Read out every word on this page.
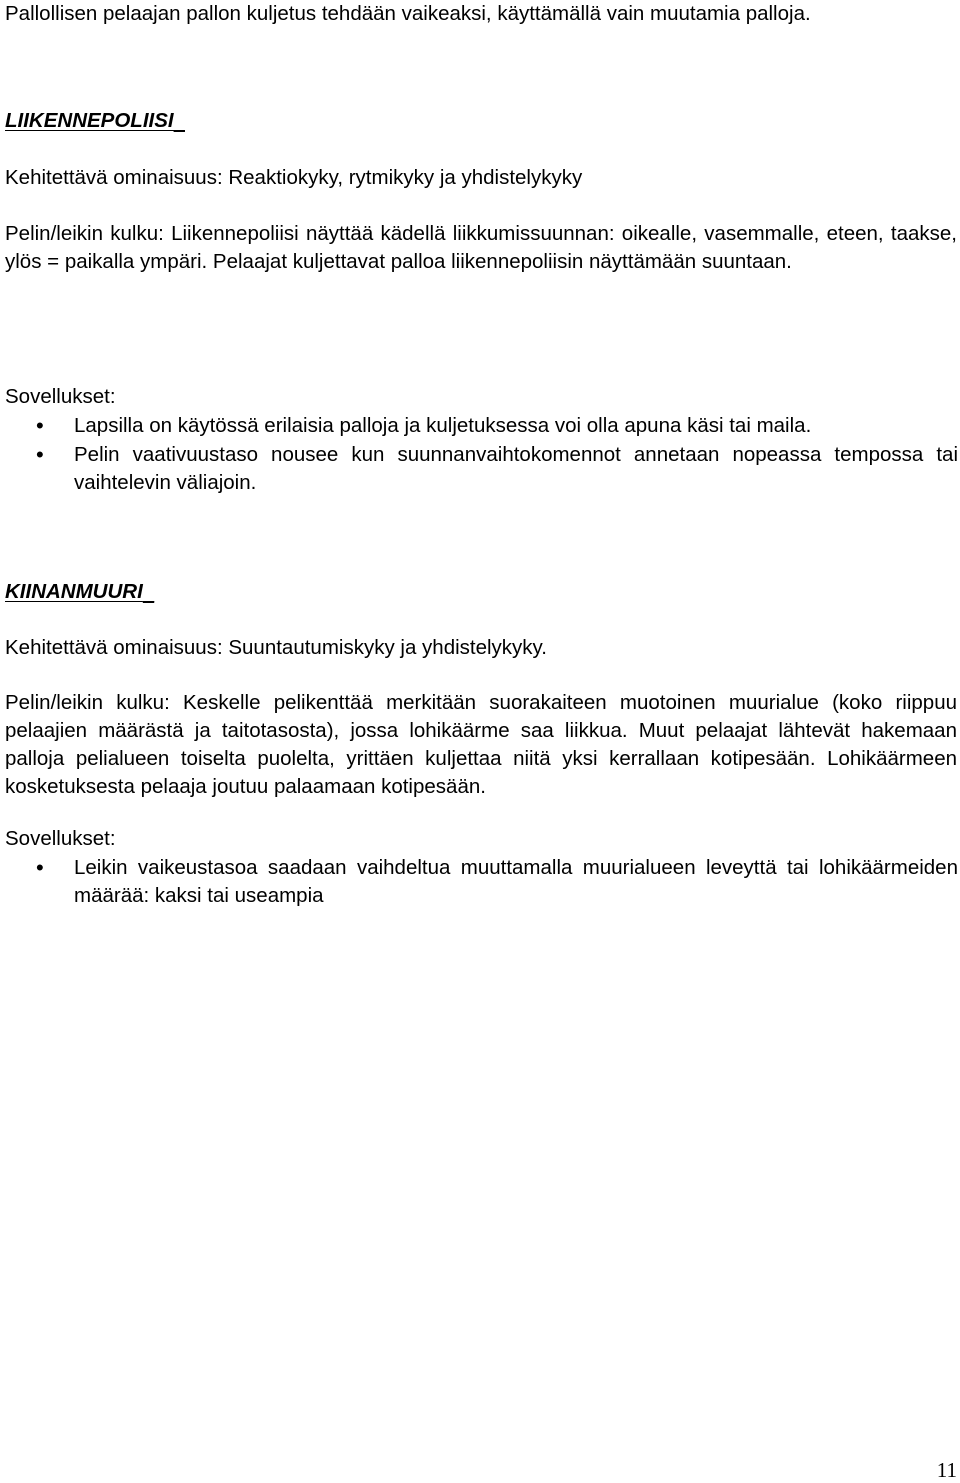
Pallollisen pelaajan pallon kuljetus tehdään vaikeaksi, käyttämällä vain muutamia palloja.
LIIKENNEPOLIISI
Kehitettävä ominaisuus: Reaktiokyky, rytmikyky ja yhdistelykyky
Pelin/leikin kulku: Liikennepoliisi näyttää kädellä liikkumissuunnan: oikealle, vasemmalle, eteen, taakse, ylös = paikalla ympäri. Pelaajat kuljettavat palloa liikennepoliisin näyttämään suuntaan.
Sovellukset:
• Lapsilla on käytössä erilaisia palloja ja kuljetuksessa voi olla apuna käsi tai maila.
• Pelin vaativuustaso nousee kun suunnanvaihtokomennot annetaan nopeassa tempossa tai vaihtelevin väliajoin.
KIINANMUURI
Kehitettävä ominaisuus: Suuntautumiskyky ja yhdistelykyky.
Pelin/leikin kulku: Keskelle pelikenttää merkitään suorakaiteen muotoinen muurialue (koko riippuu pelaajien määrästä ja taitotasosta), jossa lohikäärme saa liikkua. Muut pelaajat lähtevät hakemaan palloja pelialueen toiselta puolelta, yrittäen kuljettaa niitä yksi kerrallaan kotipesään. Lohikäärmeen kosketuksesta pelaaja joutuu palaamaan kotipesään.
Sovellukset:
• Leikin vaikeustasoa saadaan vaihdeltua muuttamalla muurialueen leveyttä tai lohikäärmeiden määrää: kaksi tai useampia
11
